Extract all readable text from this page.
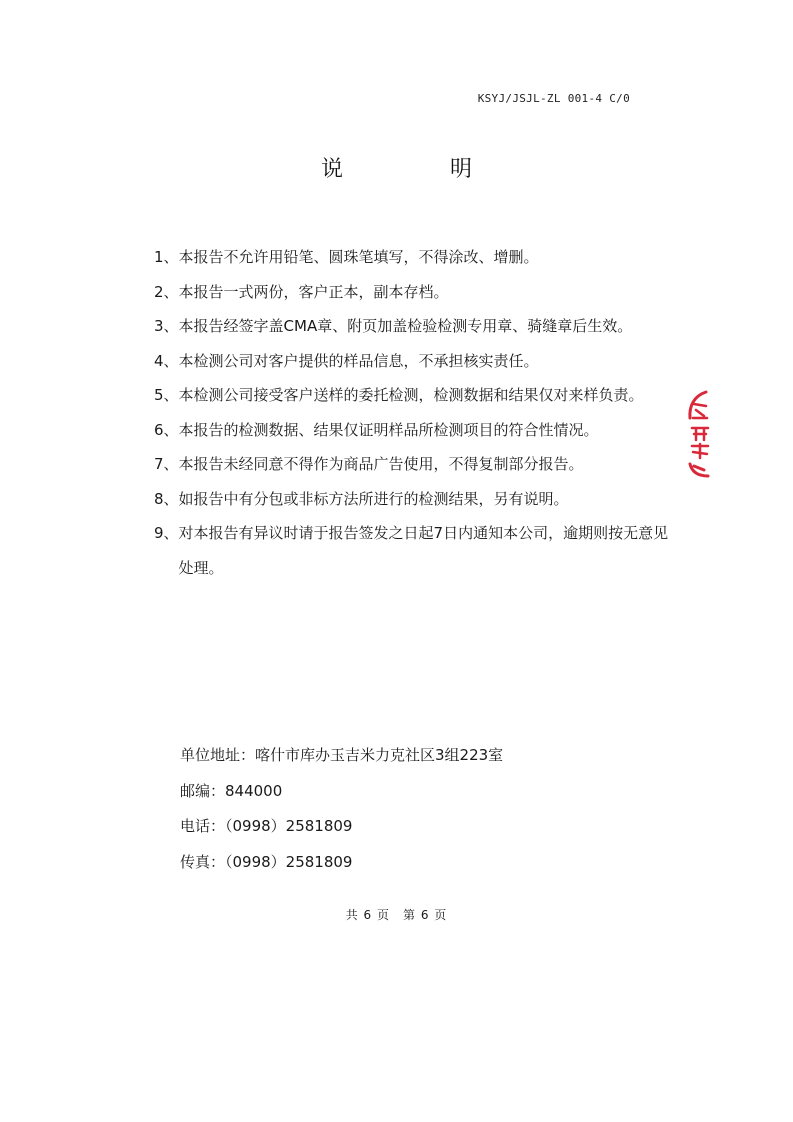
KSYJ/JSJL-ZL 001-4 C/0
说 明
1、 本报告不允许用铅笔、圆珠笔填写，不得涂改、增删。
2、 本报告一式两份，客户正本，副本存档。
3、 本报告经签字盖CMA章、附页加盖检验检测专用章、骑缝章后生效。
4、 本检测公司对客户提供的样品信息，不承担核实责任。
5、 本检测公司接受客户送样的委托检测，检测数据和结果仅对来样负责。
6、 本报告的检测数据、结果仅证明样品所检测项目的符合性情况。
7、 本报告未经同意不得作为商品广告使用，不得复制部分报告。
8、 如报告中有分包或非标方法所进行的检测结果，另有说明。
9、 对本报告有异议时请于报告签发之日起7日内通知本公司，逾期则按无意见处理。
单位地址：喀什市库办玉吉米力克社区3组223室
邮编：844000
电话：（0998）2581809
传真：（0998）2581809
共 6 页　第 6 页
